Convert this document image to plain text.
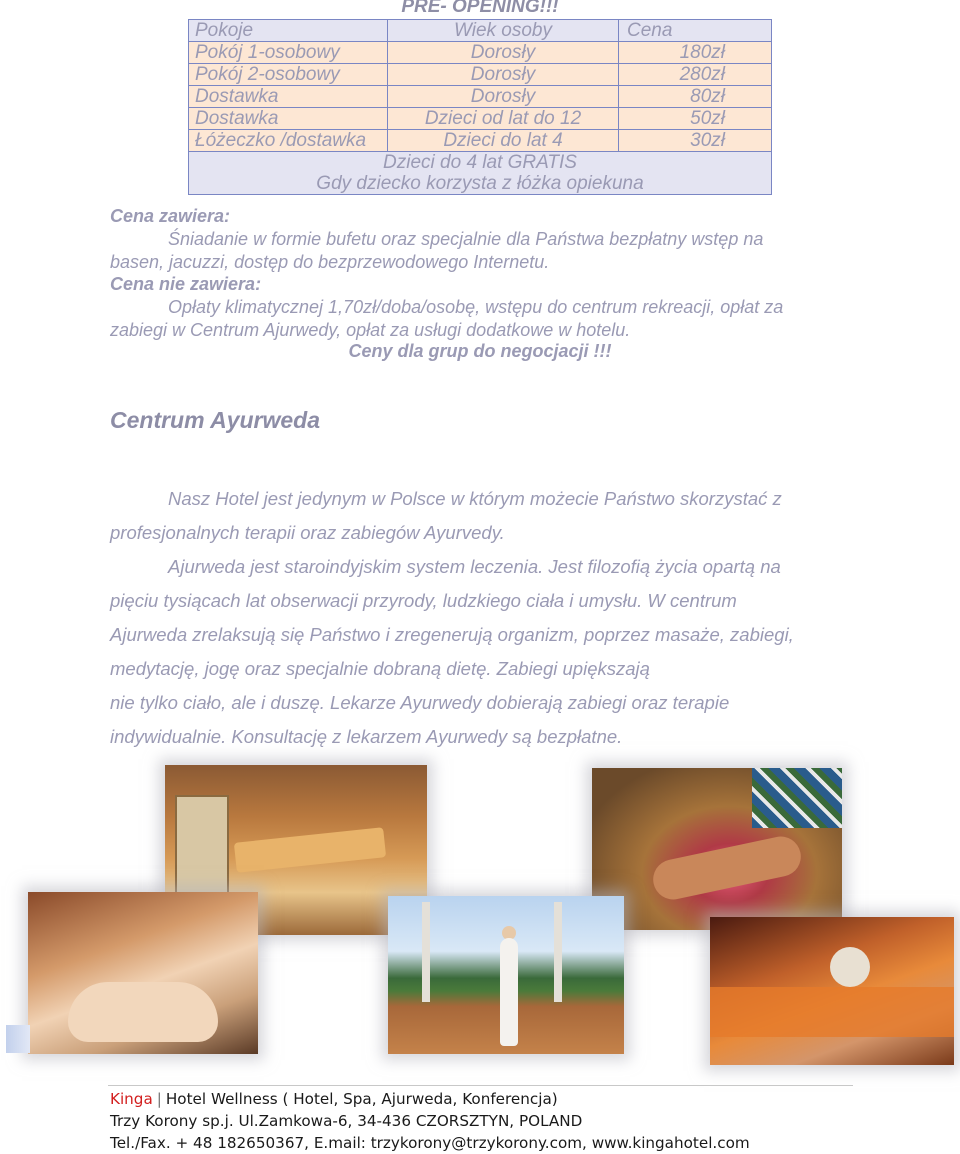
PRE- OPENING!!!
Pokoje	Wiek osoby	Cena
Pokój 1-osobowy	Dorosły	180zł
Pokój 2-osobowy	Dorosły	280zł
Dostawka	Dorosły	80zł
Dostawka	Dzieci od lat do 12	50zł
Łóżeczko /dostawka	Dzieci do lat 4	30zł
Dzieci do 4 lat GRATIS		
Gdy dziecko korzysta z łóżka opiekuna		
Cena zawiera:
Śniadanie w formie bufetu oraz specjalnie dla Państwa bezpłatny wstęp na
basen, jacuzzi, dostęp do bezprzewodowego Internetu.
Cena nie zawiera:
Opłaty klimatycznej 1,70zł/doba/osobę, wstępu do centrum rekreacji, opłat za
zabiegi w Centrum Ajurwedy, opłat za usługi dodatkowe w hotelu.
Ceny dla grup do negocjacji !!!
Centrum Ayurweda
Nasz Hotel jest jedynym w Polsce w którym możecie Państwo skorzystać z
profesjonalnych terapii oraz zabiegów Ayurvedy.
Ajurweda jest staroindyjskim system leczenia. Jest filozofią życia opartą na
pięciu tysiącach lat obserwacji przyrody, ludzkiego ciała i umysłu. W centrum
Ajurweda zrelaksują się Państwo i zregenerują organizm, poprzez masaże, zabiegi,
medytację, jogę oraz specjalnie dobraną dietę. Zabiegi upiększają
nie tylko ciało, ale i duszę. Lekarze Ayurwedy dobierają zabiegi oraz terapie
indywidualnie. Konsultację z lekarzem Ayurwedy są bezpłatne.
Kinga | Hotel Wellness ( Hotel, Spa, Ajurweda, Konferencja)
Trzy Korony sp.j. Ul.Zamkowa-6, 34-436 CZORSZTYN, POLAND
Tel./Fax. + 48 182650367, E.mail: trzykorony@trzykorony.com, www.kingahotel.com
